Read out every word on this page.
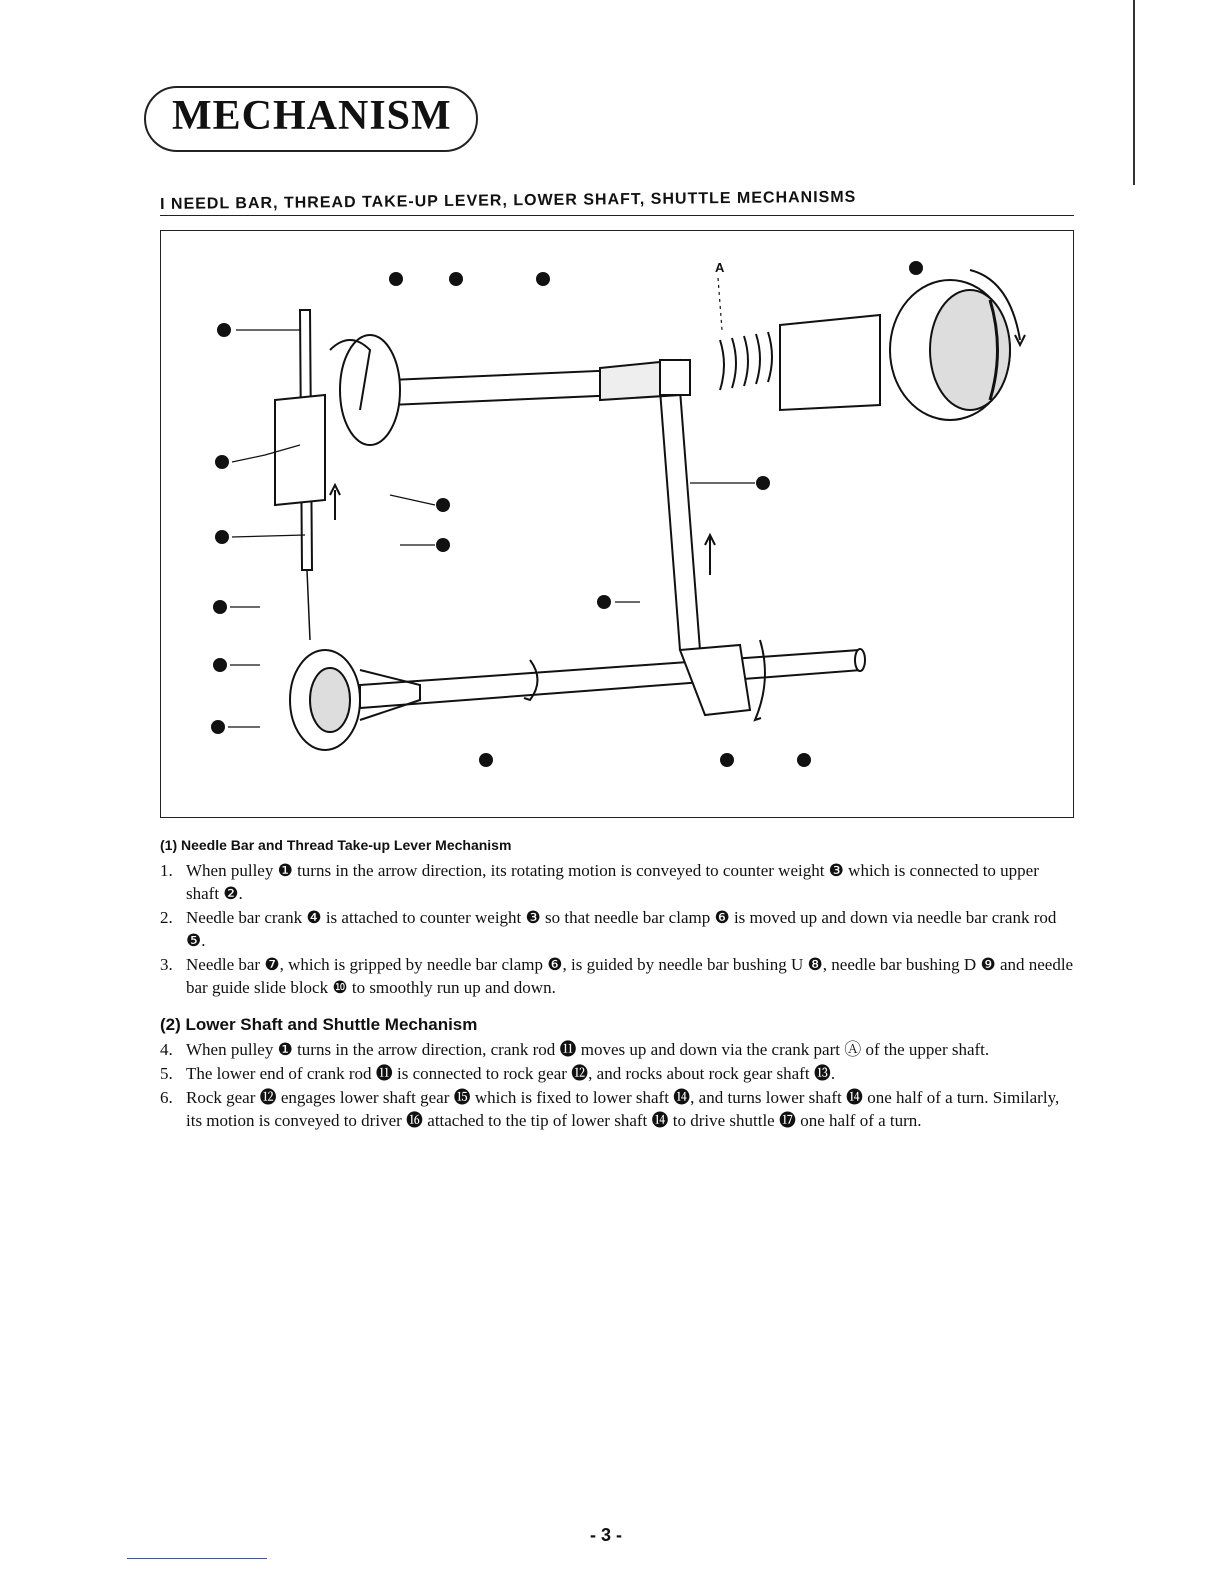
MECHANISM
I NEEDL BAR, THREAD TAKE-UP LEVER, LOWER SHAFT, SHUTTLE MECHANISMS
A
(1) Needle Bar and Thread Take-up Lever Mechanism
1. When pulley ❶ turns in the arrow direction, its rotating motion is conveyed to counter weight ❸ which is connected to upper shaft ❷.
2. Needle bar crank ❹ is attached to counter weight ❸ so that needle bar clamp ❻ is moved up and down via needle bar crank rod ❺.
3. Needle bar ❼, which is gripped by needle bar clamp ❻, is guided by needle bar bushing U ❽, needle bar bushing D ❾ and needle bar guide slide block ❿ to smoothly run up and down.
(2) Lower Shaft and Shuttle Mechanism
4. When pulley ❶ turns in the arrow direction, crank rod ⓫ moves up and down via the crank part Ⓐ of the upper shaft.
5. The lower end of crank rod ⓫ is connected to rock gear ⓬, and rocks about rock gear shaft ⓭.
6. Rock gear ⓬ engages lower shaft gear ⓯ which is fixed to lower shaft ⓮, and turns lower shaft ⓮ one half of a turn. Similarly, its motion is conveyed to driver ⓰ attached to the tip of lower shaft ⓮ to drive shuttle ⓱ one half of a turn.
- 3 -
